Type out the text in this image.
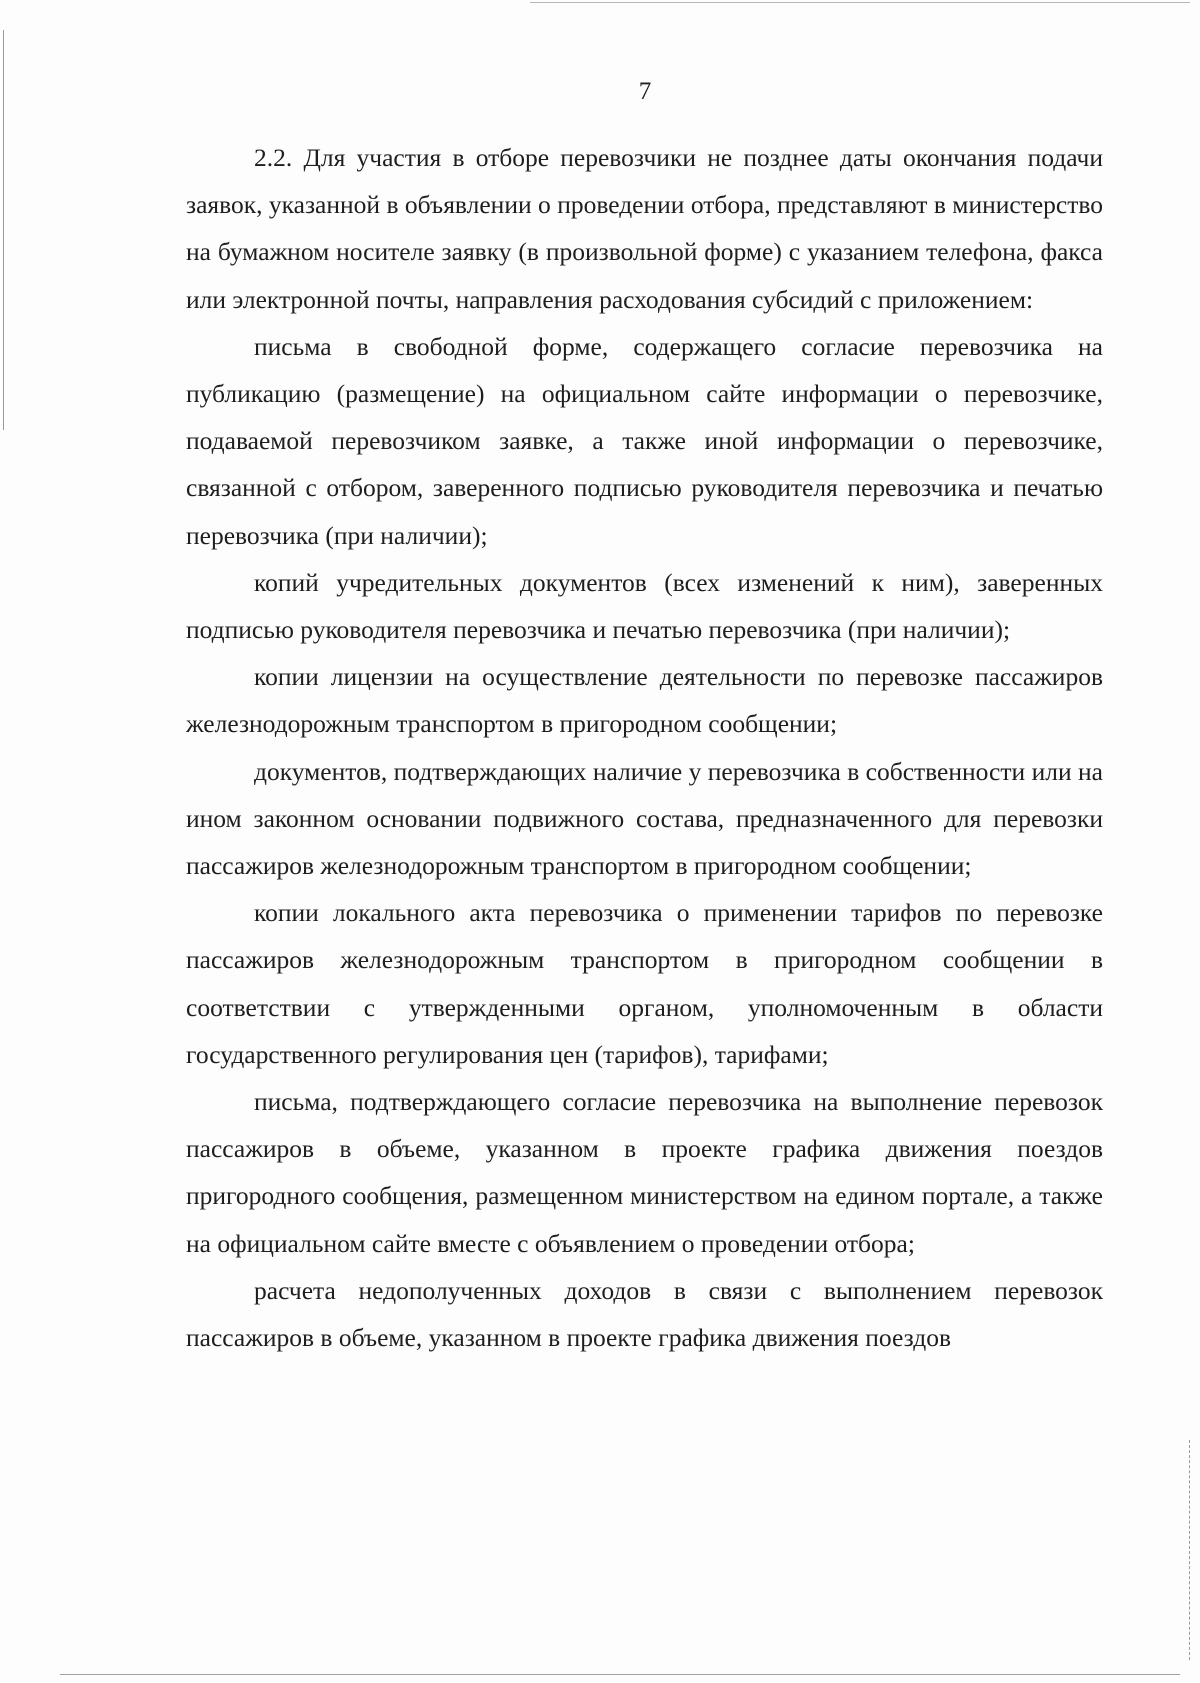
7

2.2. Для участия в отборе перевозчики не позднее даты окончания подачи заявок, указанной в объявлении о проведении отбора, представляют в министерство на бумажном носителе заявку (в произвольной форме) с указанием телефона, факса или электронной почты, направления расходования субсидий с приложением:

письма в свободной форме, содержащего согласие перевозчика на публикацию (размещение) на официальном сайте информации о перевозчике, подаваемой перевозчиком заявке, а также иной информации о перевозчике, связанной с отбором, заверенного подписью руководителя перевозчика и печатью перевозчика (при наличии);

копий учредительных документов (всех изменений к ним), заверенных подписью руководителя перевозчика и печатью перевозчика (при наличии);

копии лицензии на осуществление деятельности по перевозке пассажиров железнодорожным транспортом в пригородном сообщении;

документов, подтверждающих наличие у перевозчика в собственности или на ином законном основании подвижного состава, предназначенного для перевозки пассажиров железнодорожным транспортом в пригородном сообщении;

копии локального акта перевозчика о применении тарифов по перевозке пассажиров железнодорожным транспортом в пригородном сообщении в соответствии с утвержденными органом, уполномоченным в области государственного регулирования цен (тарифов), тарифами;

письма, подтверждающего согласие перевозчика на выполнение перевозок пассажиров в объеме, указанном в проекте графика движения поездов пригородного сообщения, размещенном министерством на едином портале, а также на официальном сайте вместе с объявлением о проведении отбора;

расчета недополученных доходов в связи с выполнением перевозок пассажиров в объеме, указанном в проекте графика движения поездов
